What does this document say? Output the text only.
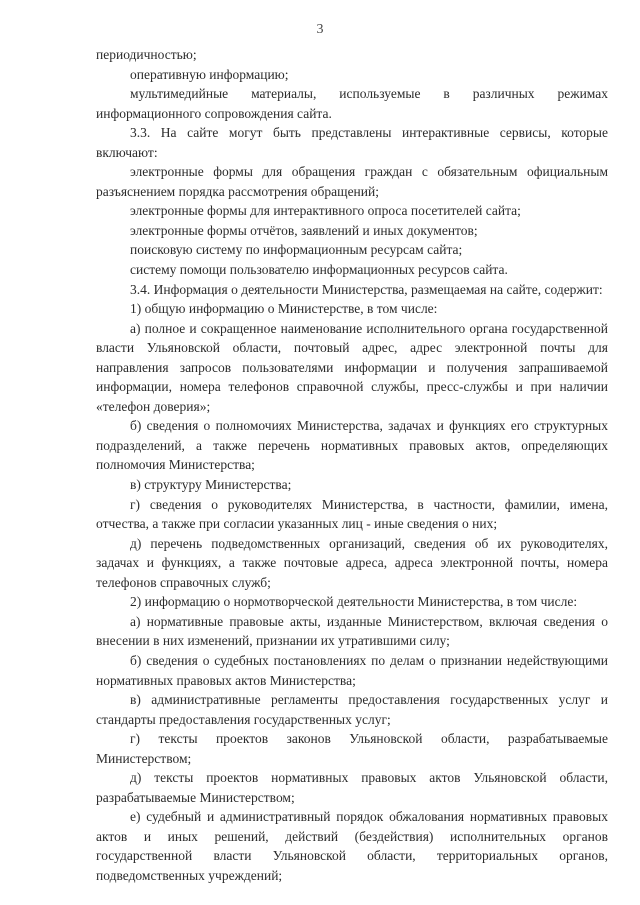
3

периодичностью;

оперативную информацию;

мультимедийные материалы, используемые в различных режимах информационного сопровождения сайта.

3.3. На сайте могут быть представлены интерактивные сервисы, которые включают:

электронные формы для обращения граждан с обязательным официальным разъяснением порядка рассмотрения обращений;

электронные формы для интерактивного опроса посетителей сайта;

электронные формы отчётов, заявлений и иных документов;

поисковую систему по информационным ресурсам сайта;

систему помощи пользователю информационных ресурсов сайта.

3.4. Информация о деятельности Министерства, размещаемая на сайте, содержит:

1) общую информацию о Министерстве, в том числе:

а) полное и сокращенное наименование исполнительного органа государственной власти Ульяновской области, почтовый адрес, адрес электронной почты для направления запросов пользователями информации и получения запрашиваемой информации, номера телефонов справочной службы, пресс-службы и при наличии «телефон доверия»;

б) сведения о полномочиях Министерства, задачах и функциях его структурных подразделений, а также перечень нормативных правовых актов, определяющих полномочия Министерства;

в) структуру Министерства;

г) сведения о руководителях Министерства, в частности, фамилии, имена, отчества, а также при согласии указанных лиц - иные сведения о них;

д) перечень подведомственных организаций, сведения об их руководителях, задачах и функциях, а также почтовые адреса, адреса электронной почты, номера телефонов справочных служб;

2) информацию о нормотворческой деятельности Министерства, в том числе:

а) нормативные правовые акты, изданные Министерством, включая сведения о внесении в них изменений, признании их утратившими силу;

б) сведения о судебных постановлениях по делам о признании недействующими нормативных правовых актов Министерства;

в) административные регламенты предоставления государственных услуг и стандарты предоставления государственных услуг;

г) тексты проектов законов Ульяновской области, разрабатываемые Министерством;

д) тексты проектов нормативных правовых актов Ульяновской области, разрабатываемые Министерством;

е) судебный и административный порядок обжалования нормативных правовых актов и иных решений, действий (бездействия) исполнительных органов государственной власти Ульяновской области, территориальных органов, подведомственных учреждений;
